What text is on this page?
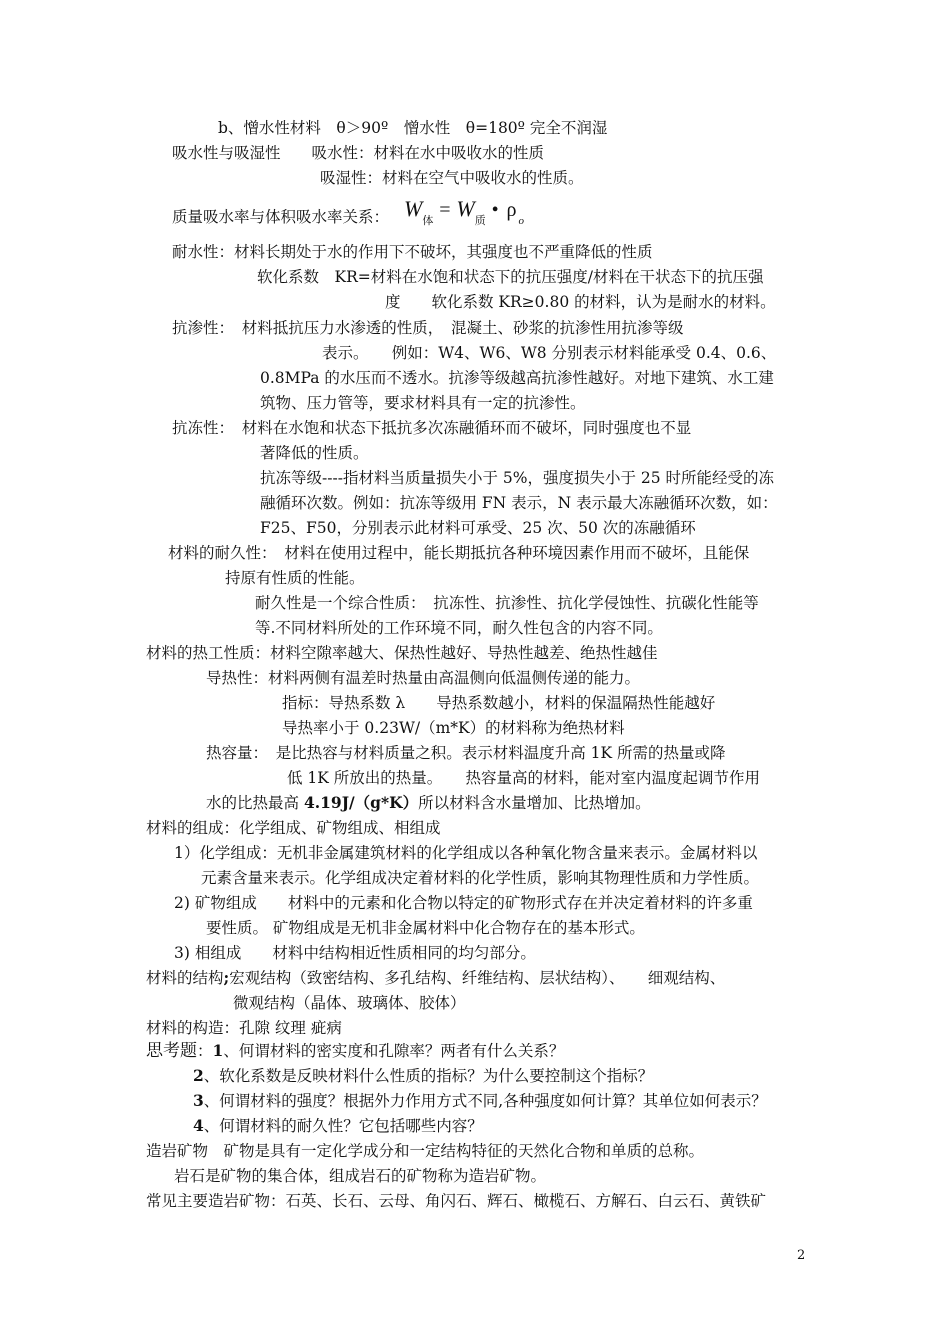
b、憎水性材料　θ＞90º　憎水性　θ=180º 完全不润湿
吸水性与吸湿性　　吸水性：材料在水中吸收水的性质
吸湿性：材料在空气中吸收水的性质。
质量吸水率与体积吸水率关系： $W_体 = W_质$ • ρ $_o$
耐水性：材料长期处于水的作用下不破坏，其强度也不严重降低的性质
软化系数　KR=材料在水饱和状态下的抗压强度/材料在干状态下的抗压强
度　　软化系数 KR≥0.80 的材料，认为是耐水的材料。
抗渗性：　材料抵抗压力水渗透的性质，　混凝土、砂浆的抗渗性用抗渗等级
表示。　　例如：W4、W6、W8 分别表示材料能承受 0.4、0.6、
0.8MPa 的水压而不透水。抗渗等级越高抗渗性越好。对地下建筑、水工建
筑物、压力管等，要求材料具有一定的抗渗性。
抗冻性：　材料在水饱和状态下抵抗多次冻融循环而不破坏，同时强度也不显
著降低的性质。
抗冻等级----指材料当质量损失小于 5%，强度损失小于 25 时所能经受的冻
融循环次数。例如：抗冻等级用 FN 表示，N 表示最大冻融循环次数，如：
F25、F50，分别表示此材料可承受、25 次、50 次的冻融循环
材料的耐久性：　材料在使用过程中，能长期抵抗各种环境因素作用而不破坏，且能保
持原有性质的性能。
耐久性是一个综合性质：　抗冻性、抗渗性、抗化学侵蚀性、抗碳化性能等
等.不同材料所处的工作环境不同，耐久性包含的内容不同。
材料的热工性质：材料空隙率越大、保热性越好、导热性越差、绝热性越佳
导热性：材料两侧有温差时热量由高温侧向低温侧传递的能力。
指标：导热系数 λ　　导热系数越小，材料的保温隔热性能越好
导热率小于 0.23W/（m*K）的材料称为绝热材料
热容量：　是比热容与材料质量之积。表示材料温度升高 1K 所需的热量或降
低 1K 所放出的热量。　　热容量高的材料，能对室内温度起调节作用
水的比热最高 4.19J/（g*K）所以材料含水量增加、比热增加。
材料的组成：化学组成、矿物组成、相组成
1）化学组成：无机非金属建筑材料的化学组成以各种氧化物含量来表示。金属材料以
元素含量来表示。化学组成决定着材料的化学性质，影响其物理性质和力学性质。
2) 矿物组成　　材料中的元素和化合物以特定的矿物形式存在并决定着材料的许多重
要性质。 矿物组成是无机非金属材料中化合物存在的基本形式。
3) 相组成　　材料中结构相近性质相同的均匀部分。
材料的结构;宏观结构（致密结构、多孔结构、纤维结构、层状结构）、　　细观结构、
微观结构（晶体、玻璃体、胶体）
材料的构造：孔隙 纹理 疵病
思考题：1、何谓材料的密实度和孔隙率？两者有什么关系？
2、软化系数是反映材料什么性质的指标？为什么要控制这个指标？
3、何谓材料的强度？根据外力作用方式不同,各种强度如何计算？其单位如何表示？
4、何谓材料的耐久性？它包括哪些内容？
造岩矿物　矿物是具有一定化学成分和一定结构特征的天然化合物和单质的总称。
岩石是矿物的集合体，组成岩石的矿物称为造岩矿物。
常见主要造岩矿物：石英、长石、云母、角闪石、辉石、橄榄石、方解石、白云石、黄铁矿
2
